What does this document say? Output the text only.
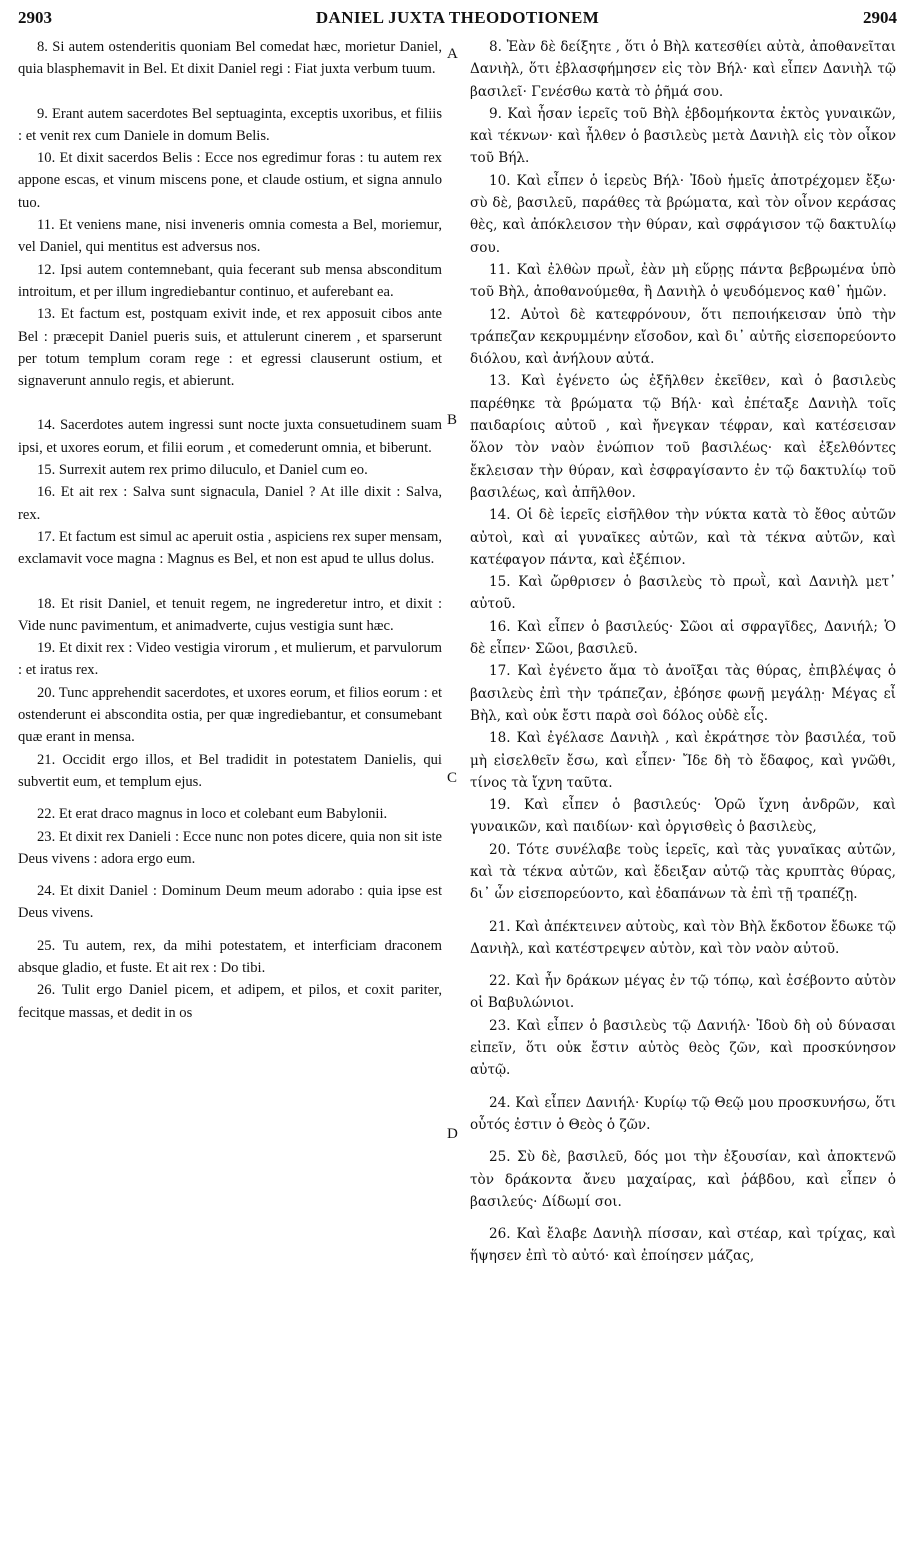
2903	DANIEL JUXTA THEODOTIONEM	2904
A
B
C
D

8. Si autem ostenderitis quoniam Bel comedat hæc, morietur Daniel, quia blasphemavit in Bel. Et dixit Daniel regi : Fiat juxta verbum tuum.

9. Erant autem sacerdotes Bel septuaginta, exceptis uxoribus, et filiis : et venit rex cum Daniele in domum Belis.

10. Et dixit sacerdos Belis : Ecce nos egredimur foras : tu autem rex appone escas, et vinum miscens pone, et claude ostium, et signa annulo tuo.

11. Et veniens mane, nisi inveneris omnia comesta a Bel, moriemur, vel Daniel, qui mentitus est adversus nos.

12. Ipsi autem contemnebant, quia fecerant sub mensa absconditum introitum, et per illum ingrediebantur continuo, et auferebant ea.

13. Et factum est, postquam exivit inde, et rex apposuit cibos ante Bel : præcepit Daniel pueris suis, et attulerunt cinerem , et sparserunt per totum templum coram rege : et egressi clauserunt ostium, et signaverunt annulo regis, et abierunt.

14. Sacerdotes autem ingressi sunt nocte juxta consuetudinem suam ipsi, et uxores eorum, et filii eorum , et comederunt omnia, et biberunt.

15. Surrexit autem rex primo diluculo, et Daniel cum eo.

16. Et ait rex : Salva sunt signacula, Daniel ? At ille dixit : Salva, rex.

17. Et factum est simul ac aperuit ostia , aspiciens rex super mensam, exclamavit voce magna : Magnus es Bel, et non est apud te ullus dolus.

18. Et risit Daniel, et tenuit regem, ne ingrederetur intro, et dixit : Vide nunc pavimentum, et animadverte, cujus vestigia sunt hæc.

19. Et dixit rex : Video vestigia virorum , et mulierum, et parvulorum : et iratus rex.

20. Tunc apprehendit sacerdotes, et uxores eorum, et filios eorum : et ostenderunt ei abscondita ostia, per quæ ingrediebantur, et consumebant quæ erant in mensa.

21. Occidit ergo illos, et Bel tradidit in potestatem Danielis, qui subvertit eum, et templum ejus.

22. Et erat draco magnus in loco et colebant eum Babylonii.

23. Et dixit rex Danieli : Ecce nunc non potes dicere, quia non sit iste Deus vivens : adora ergo eum.

24. Et dixit Daniel : Dominum Deum meum adorabo : quia ipse est Deus vivens.

25. Tu autem, rex, da mihi potestatem, et interficiam draconem absque gladio, et fuste. Et ait rex : Do tibi.

26. Tulit ergo Daniel picem, et adipem, et pilos, et coxit pariter, fecitque massas, et dedit in os

8. Ἐὰν δὲ δείξητε , ὅτι ὁ Βὴλ κατεσθίει αὐτὰ, ἀποθανεῖται Δανιὴλ, ὅτι ἐβλασφήμησεν εἰς τὸν Βήλ· καὶ εἶπεν Δανιὴλ τῷ βασιλεῖ· Γενέσθω κατὰ τὸ ῥῆμά σου.

9. Καὶ ἦσαν ἱερεῖς τοῦ Βὴλ ἑβδομήκοντα ἐκτὸς γυναικῶν, καὶ τέκνων· καὶ ἦλθεν ὁ βασιλεὺς μετὰ Δανιὴλ εἰς τὸν οἶκον τοῦ Βήλ.

10. Καὶ εἶπεν ὁ ἱερεὺς Βήλ· Ἰδοὺ ἡμεῖς ἀποτρέχομεν ἔξω· σὺ δὲ, βασιλεῦ, παράθες τὰ βρώματα, καὶ τὸν οἶνον κεράσας θὲς, καὶ ἀπόκλεισον τὴν θύραν, καὶ σφράγισον τῷ δακτυλίῳ σου.

11. Καὶ ἐλθὼν πρωῒ, ἐὰν μὴ εὕρῃς πάντα βεβρωμένα ὑπὸ τοῦ Βὴλ, ἀποθανούμεθα, ἢ Δανιὴλ ὁ ψευδόμενος καθ᾽ ἡμῶν.

12. Αὐτοὶ δὲ κατεφρόνουν, ὅτι πεποιήκεισαν ὑπὸ τὴν τράπεζαν κεκρυμμένην εἴσοδον, καὶ δι᾽ αὐτῆς εἰσεπορεύοντο διόλου, καὶ ἀνήλουν αὐτά.

13. Καὶ ἐγένετο ὡς ἐξῆλθεν ἐκεῖθεν, καὶ ὁ βασιλεὺς παρέθηκε τὰ βρώματα τῷ Βήλ· καὶ ἐπέταξε Δανιὴλ τοῖς παιδαρίοις αὐτοῦ , καὶ ἤνεγκαν τέφραν, καὶ κατέσεισαν ὅλον τὸν ναὸν ἐνώπιον τοῦ βασιλέως· καὶ ἐξελθόντες ἔκλεισαν τὴν θύραν, καὶ ἐσφραγίσαντο ἐν τῷ δακτυλίῳ τοῦ βασιλέως, καὶ ἀπῆλθον.

14. Οἱ δὲ ἱερεῖς εἰσῆλθον τὴν νύκτα κατὰ τὸ ἔθος αὐτῶν αὐτοὶ, καὶ αἱ γυναῖκες αὐτῶν, καὶ τὰ τέκνα αὐτῶν, καὶ κατέφαγον πάντα, καὶ ἐξέπιον.

15. Καὶ ὤρθρισεν ὁ βασιλεὺς τὸ πρωῒ, καὶ Δανιὴλ μετ᾽ αὐτοῦ.

16. Καὶ εἶπεν ὁ βασιλεύς· Σῶοι αἱ σφραγῖδες, Δανιήλ; Ὁ δὲ εἶπεν· Σῶοι, βασιλεῦ.

17. Καὶ ἐγένετο ἅμα τὸ ἀνοῖξαι τὰς θύρας, ἐπιβλέψας ὁ βασιλεὺς ἐπὶ τὴν τράπεζαν, ἐβόησε φωνῇ μεγάλῃ· Μέγας εἶ Βὴλ, καὶ οὐκ ἔστι παρὰ σοὶ δόλος οὐδὲ εἷς.

18. Καὶ ἐγέλασε Δανιὴλ , καὶ ἐκράτησε τὸν βασιλέα, τοῦ μὴ εἰσελθεῖν ἔσω, καὶ εἶπεν· Ἴδε δὴ τὸ ἔδαφος, καὶ γνῶθι, τίνος τὰ ἴχνη ταῦτα.

19. Καὶ εἶπεν ὁ βασιλεύς· Ὁρῶ ἴχνη ἀνδρῶν, καὶ γυναικῶν, καὶ παιδίων· καὶ ὀργισθεὶς ὁ βασιλεὺς,

20. Τότε συνέλαβε τοὺς ἱερεῖς, καὶ τὰς γυναῖκας αὐτῶν, καὶ τὰ τέκνα αὐτῶν, καὶ ἔδειξαν αὐτῷ τὰς κρυπτὰς θύρας, δι᾽ ὧν εἰσεπορεύοντο, καὶ ἐδαπάνων τὰ ἐπὶ τῇ τραπέζῃ.

21. Καὶ ἀπέκτεινεν αὐτοὺς, καὶ τὸν Βὴλ ἔκδοτον ἔδωκε τῷ Δανιὴλ, καὶ κατέστρεψεν αὐτὸν, καὶ τὸν ναὸν αὐτοῦ.

22. Καὶ ἦν δράκων μέγας ἐν τῷ τόπῳ, καὶ ἐσέβοντο αὐτὸν οἱ Βαβυλώνιοι.

23. Καὶ εἶπεν ὁ βασιλεὺς τῷ Δανιήλ· Ἰδοὺ δὴ οὐ δύνασαι εἰπεῖν, ὅτι οὐκ ἔστιν αὐτὸς θεὸς ζῶν, καὶ προσκύνησον αὐτῷ.

24. Καὶ εἶπεν Δανιήλ· Κυρίῳ τῷ Θεῷ μου προσκυνήσω, ὅτι οὗτός ἐστιν ὁ Θεὸς ὁ ζῶν.

25. Σὺ δὲ, βασιλεῦ, δός μοι τὴν ἐξουσίαν, καὶ ἀποκτενῶ τὸν δράκοντα ἄνευ μαχαίρας, καὶ ῥάβδου, καὶ εἶπεν ὁ βασιλεύς· Δίδωμί σοι.

26. Καὶ ἔλαβε Δανιὴλ πίσσαν, καὶ στέαρ, καὶ τρίχας, καὶ ἥψησεν ἐπὶ τὸ αὐτό· καὶ ἐποίησεν μάζας,
